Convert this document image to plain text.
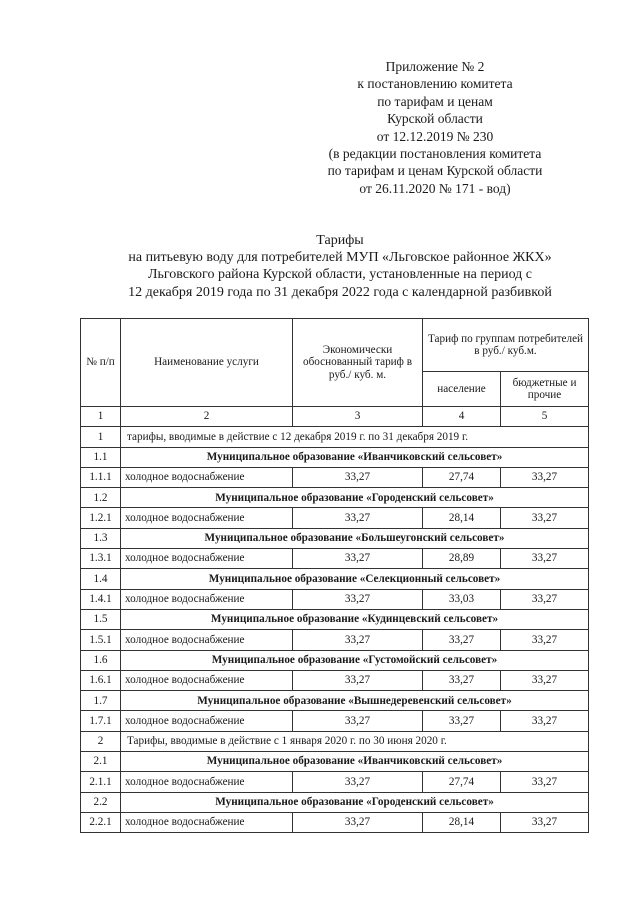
Приложение № 2
к постановлению комитета
по тарифам и ценам
Курской области
от 12.12.2019 № 230
(в редакции постановления комитета
по тарифам и ценам Курской области
от 26.11.2020 № 171 - вод)
Тарифы
на питьевую воду для потребителей МУП «Льговское районное ЖКХ»
Льговского района Курской области, установленные на период с
12 декабря 2019 года по 31 декабря 2022 года с календарной разбивкой
№ п/п	Наименование услуги	Экономически обоснованный тариф в руб./ куб. м.	Тариф по группам потребителей в руб./ куб.м.	
			население	бюджетные и прочие
1	2	3	4	5
1	тарифы, вводимые в действие с 12 декабря 2019 г. по 31 декабря 2019 г.			
1.1	Муниципальное образование «Иванчиковский сельсовет»			
1.1.1	холодное водоснабжение	33,27	27,74	33,27
1.2	Муниципальное образование «Городенский сельсовет»			
1.2.1	холодное водоснабжение	33,27	28,14	33,27
1.3	Муниципальное образование «Большеугонский сельсовет»			
1.3.1	холодное водоснабжение	33,27	28,89	33,27
1.4	Муниципальное образование «Селекционный сельсовет»			
1.4.1	холодное водоснабжение	33,27	33,03	33,27
1.5	Муниципальное образование «Кудинцевский сельсовет»			
1.5.1	холодное водоснабжение	33,27	33,27	33,27
1.6	Муниципальное образование «Густомойский сельсовет»			
1.6.1	холодное водоснабжение	33,27	33,27	33,27
1.7	Муниципальное образование «Вышнедеревенский сельсовет»			
1.7.1	холодное водоснабжение	33,27	33,27	33,27
2	Тарифы, вводимые в действие с 1 января 2020 г. по 30 июня 2020 г.			
2.1	Муниципальное образование «Иванчиковский сельсовет»			
2.1.1	холодное водоснабжение	33,27	27,74	33,27
2.2	Муниципальное образование «Городенский сельсовет»			
2.2.1	холодное водоснабжение	33,27	28,14	33,27
